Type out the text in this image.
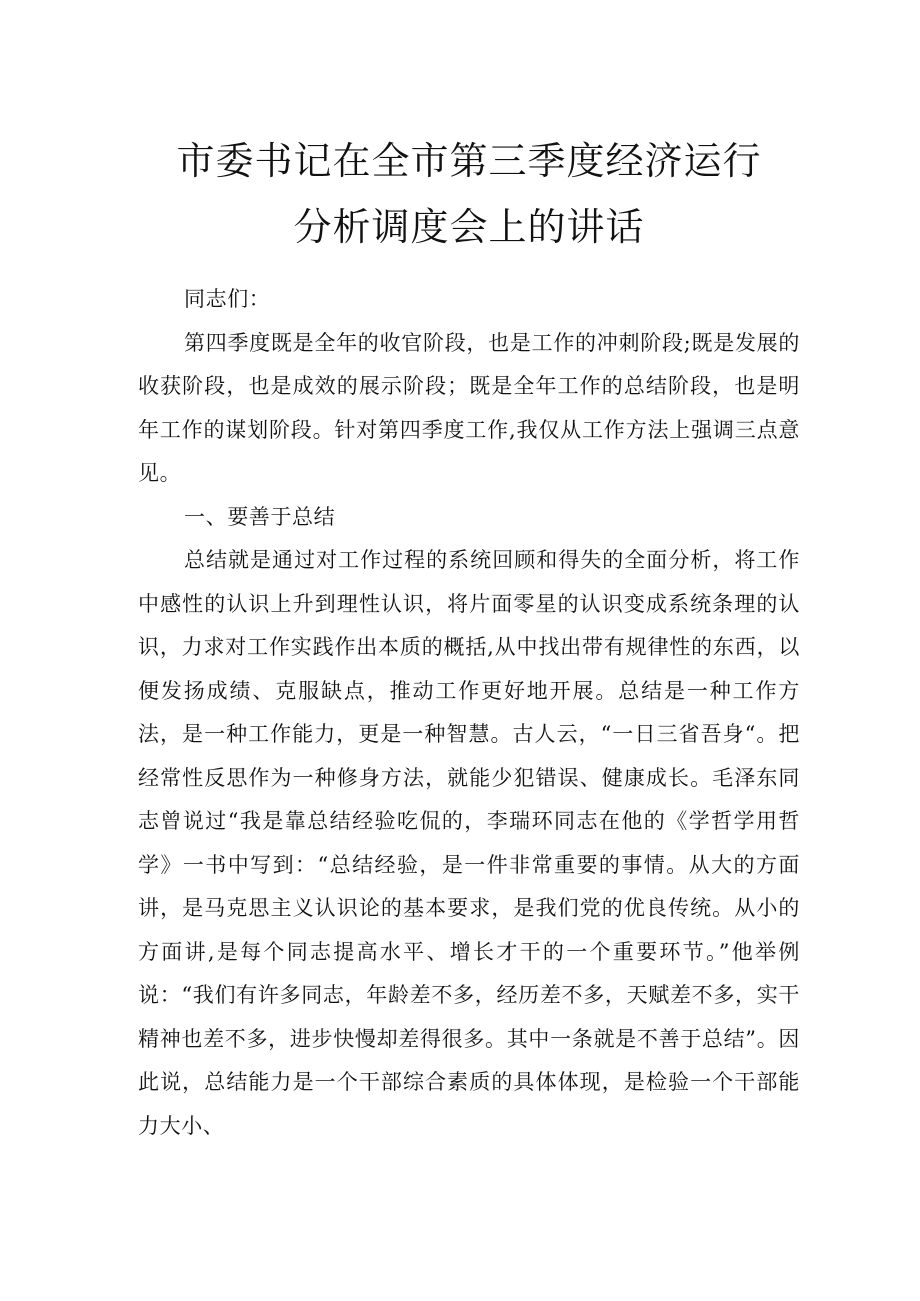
市委书记在全市第三季度经济运行
分析调度会上的讲话

同志们：

第四季度既是全年的收官阶段，也是工作的冲刺阶段;既是发展的收获阶段，也是成效的展示阶段；既是全年工作的总结阶段，也是明年工作的谋划阶段。针对第四季度工作,我仅从工作方法上强调三点意见。

一、要善于总结

总结就是通过对工作过程的系统回顾和得失的全面分析，将工作中感性的认识上升到理性认识，将片面零星的认识变成系统条理的认识，力求对工作实践作出本质的概括,从中找出带有规律性的东西，以便发扬成绩、克服缺点，推动工作更好地开展。总结是一种工作方法，是一种工作能力，更是一种智慧。古人云，“一日三省吾身“。把经常性反思作为一种修身方法，就能少犯错误、健康成长。毛泽东同志曾说过“我是靠总结经验吃侃的，李瑞环同志在他的《学哲学用哲学》一书中写到：“总结经验，是一件非常重要的事情。从大的方面讲，是马克思主义认识论的基本要求，是我们党的优良传统。从小的方面讲,是每个同志提高水平、增长才干的一个重要环节。”他举例说：“我们有许多同志，年龄差不多，经历差不多，天赋差不多，实干精神也差不多，进步快慢却差得很多。其中一条就是不善于总结”。因此说，总结能力是一个干部综合素质的具体体现，是检验一个干部能力大小、
